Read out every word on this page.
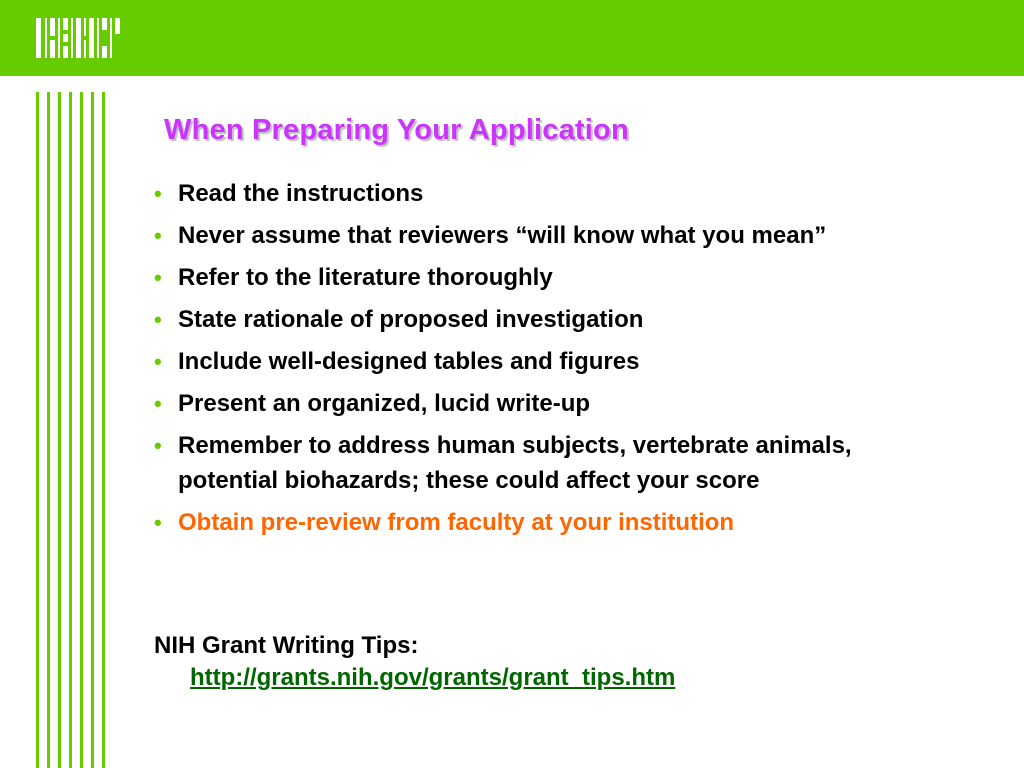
When Preparing Your Application
• Read the instructions
• Never assume that reviewers “will know what you mean”
• Refer to the literature thoroughly
• State rationale of proposed investigation
• Include well-designed tables and figures
• Present an organized, lucid write-up
• Remember to address human subjects, vertebrate animals, potential biohazards; these could affect your score
• Obtain pre-review from faculty at your institution
NIH Grant Writing Tips:
http://grants.nih.gov/grants/grant_tips.htm
